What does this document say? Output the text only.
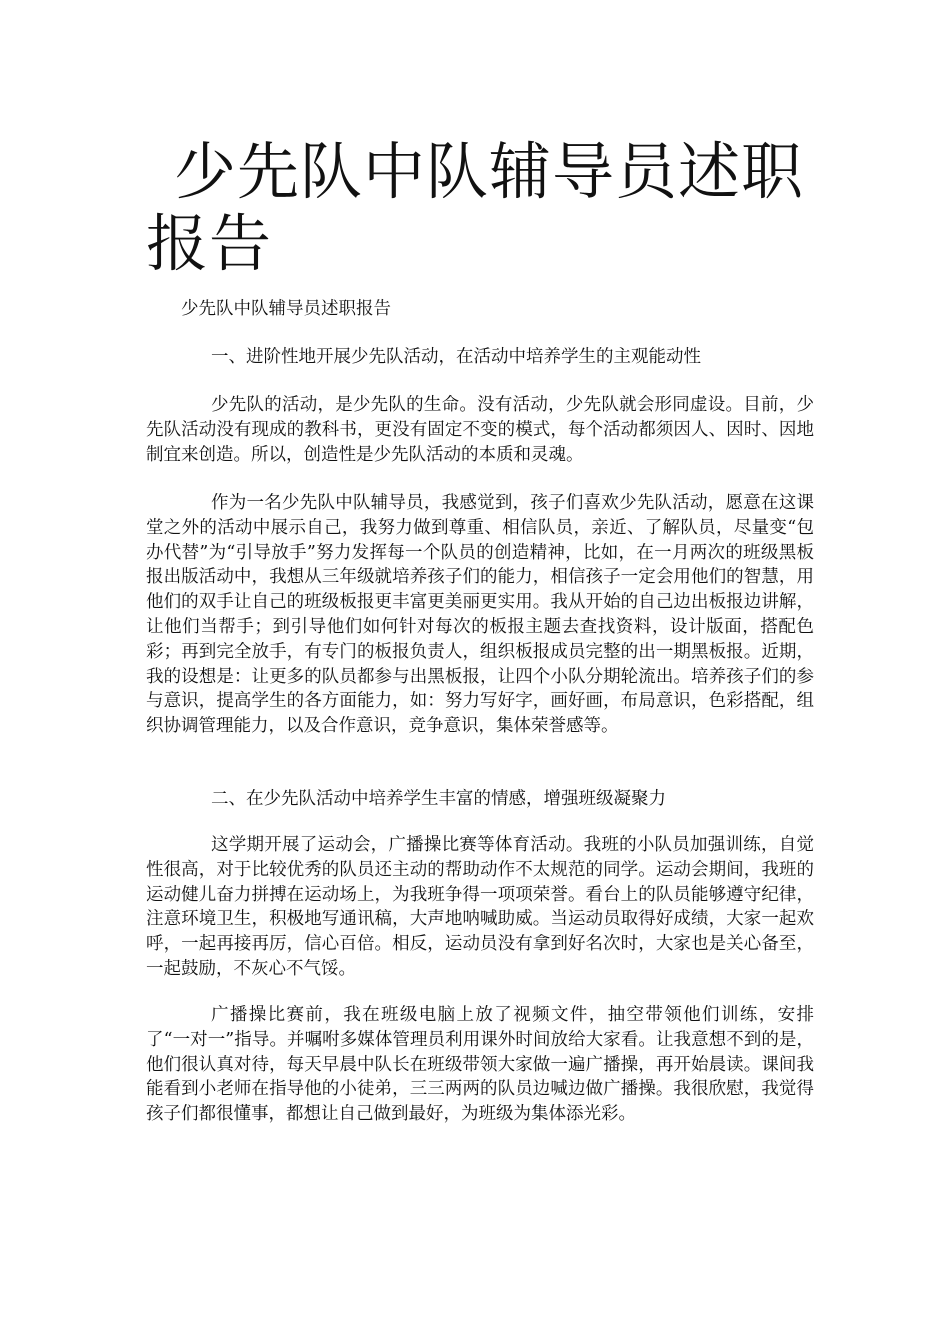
少先队中队辅导员述职报告

少先队中队辅导员述职报告

一、进阶性地开展少先队活动，在活动中培养学生的主观能动性

少先队的活动，是少先队的生命。没有活动，少先队就会形同虚设。目前，少先队活动没有现成的教科书，更没有固定不变的模式，每个活动都须因人、因时、因地制宜来创造。所以，创造性是少先队活动的本质和灵魂。

作为一名少先队中队辅导员，我感觉到，孩子们喜欢少先队活动，愿意在这课堂之外的活动中展示自己，我努力做到尊重、相信队员，亲近、了解队员，尽量变“包办代替”为“引导放手”努力发挥每一个队员的创造精神，比如，在一月两次的班级黑板报出版活动中，我想从三年级就培养孩子们的能力，相信孩子一定会用他们的智慧，用他们的双手让自己的班级板报更丰富更美丽更实用。我从开始的自己边出板报边讲解，让他们当帮手；到引导他们如何针对每次的板报主题去查找资料，设计版面，搭配色彩；再到完全放手，有专门的板报负责人，组织板报成员完整的出一期黑板报。近期，我的设想是：让更多的队员都参与出黑板报，让四个小队分期轮流出。培养孩子们的参与意识，提高学生的各方面能力，如：努力写好字，画好画，布局意识，色彩搭配，组织协调管理能力，以及合作意识，竞争意识，集体荣誉感等。

二、在少先队活动中培养学生丰富的情感，增强班级凝聚力

这学期开展了运动会，广播操比赛等体育活动。我班的小队员加强训练，自觉性很高，对于比较优秀的队员还主动的帮助动作不太规范的同学。运动会期间，我班的运动健儿奋力拼搏在运动场上，为我班争得一项项荣誉。看台上的队员能够遵守纪律，注意环境卫生，积极地写通讯稿，大声地呐喊助威。当运动员取得好成绩，大家一起欢呼，一起再接再厉，信心百倍。相反，运动员没有拿到好名次时，大家也是关心备至，一起鼓励，不灰心不气馁。

广播操比赛前，我在班级电脑上放了视频文件，抽空带领他们训练，安排了“一对一”指导。并嘱咐多媒体管理员利用课外时间放给大家看。让我意想不到的是，他们很认真对待，每天早晨中队长在班级带领大家做一遍广播操，再开始晨读。课间我能看到小老师在指导他的小徒弟，三三两两的队员边喊边做广播操。我很欣慰，我觉得孩子们都很懂事，都想让自己做到最好，为班级为集体添光彩。
